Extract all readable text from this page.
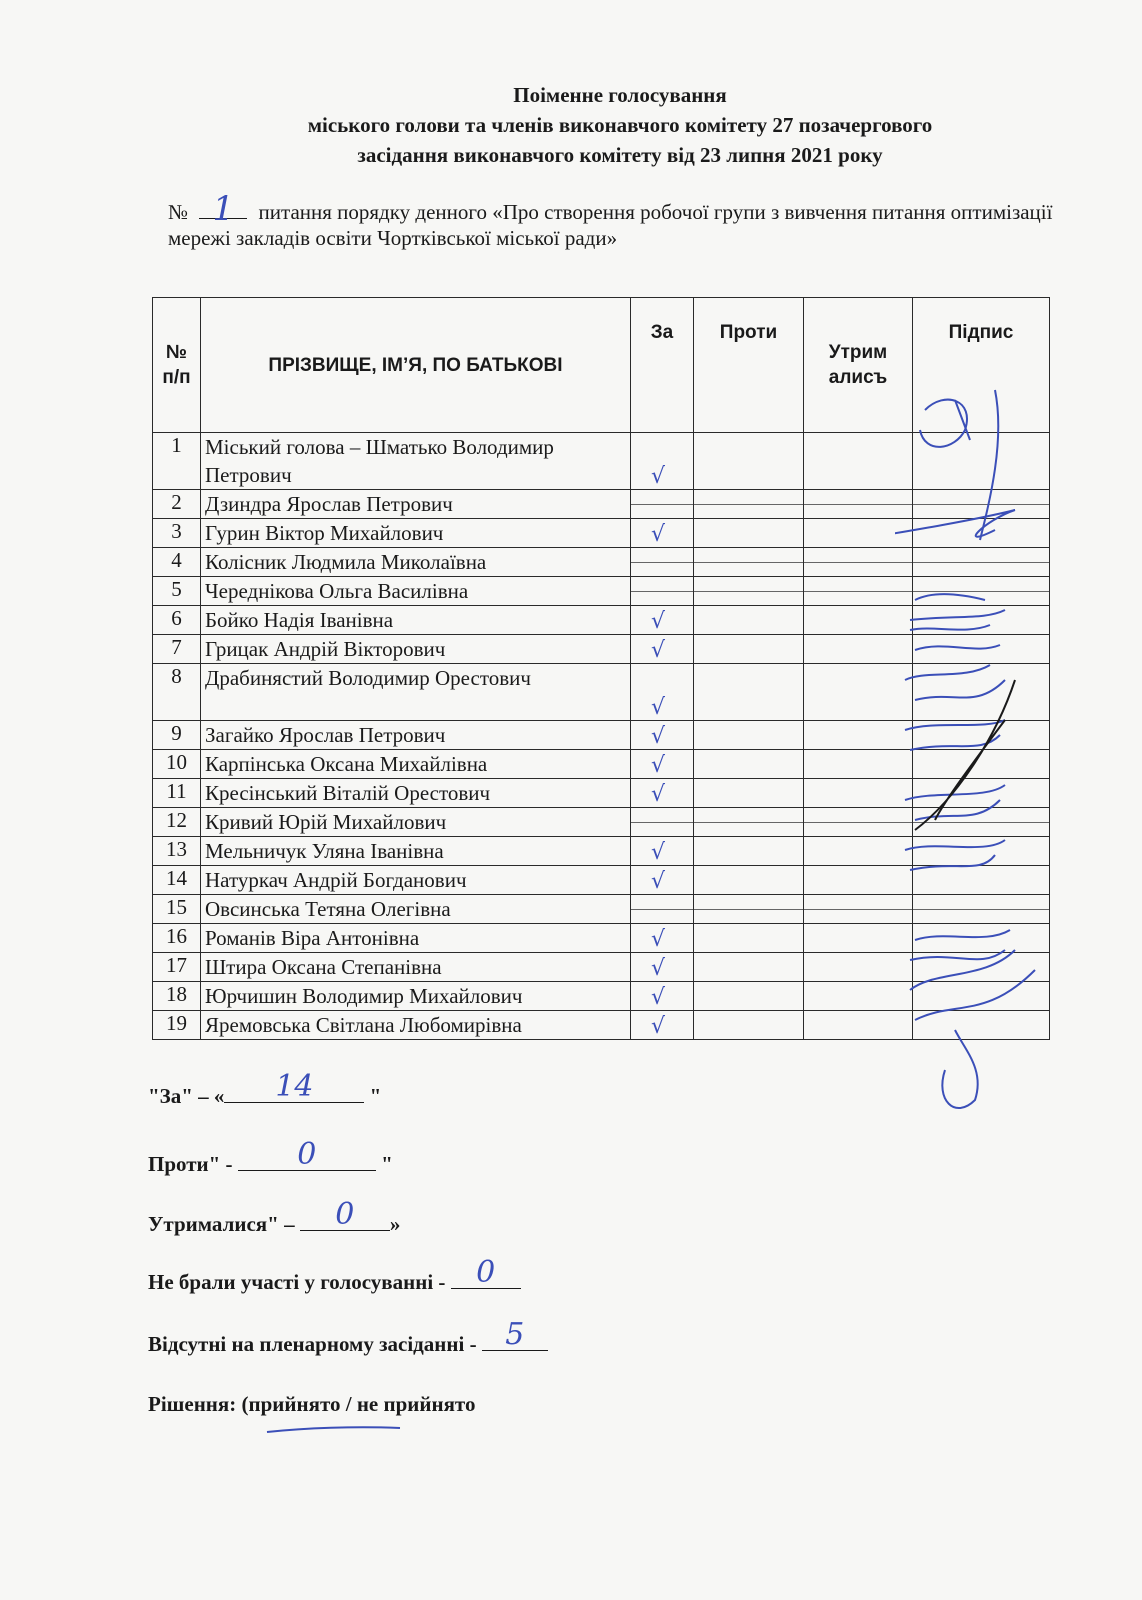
Поіменне голосування
міського голови та членів виконавчого комітету 27 позачергового
засідання виконавчого комітету від 23 липня 2021 року
№ 1	питання порядку денного «Про створення робочої групи з вивчення питання оптимізації мережі закладів освіти Чортківської міської ради»
№ п/п	ПРІЗВИЩЕ, ІМ’Я, ПО БАТЬКОВІ	За	Проти	Утрим алисъ	Підпис
1	Міський голова – Шматько Володимир Петрович	√			

2	Дзиндра Ярослав Петрович	

3	Гурин Віктор Михайлович	√			

4	Колісник Людмила Миколаївна	

5	Череднікова Ольга Василівна	

6	Бойко Надія Іванівна	√			

7	Грицак Андрій Вікторович	√			

8	Драбинястий Володимир Орестович	√			

9	Загайко Ярослав Петрович	√			

10	Карпінська Оксана Михайлівна	√			

11	Кресінський Віталій Орестович	√			

12	Кривий Юрій Михайлович	

13	Мельничук Уляна Іванівна	√			

14	Натуркач Андрій Богданович	√			

15	Овсинська Тетяна Олегівна	

16	Романів Віра Антонівна	√			

17	Штира Оксана Степанівна	√			

18	Юрчишин Володимир Михайлович	√			

19	Яремовська Світлана Любомирівна	√			

"За" – «	14	"
Проти" -	0	"
Утрималися" –	0	»
Не брали участі у голосуванні -	0
Відсутні на пленарному засіданні - 5
Рішення: (прийнято / не прийнято
